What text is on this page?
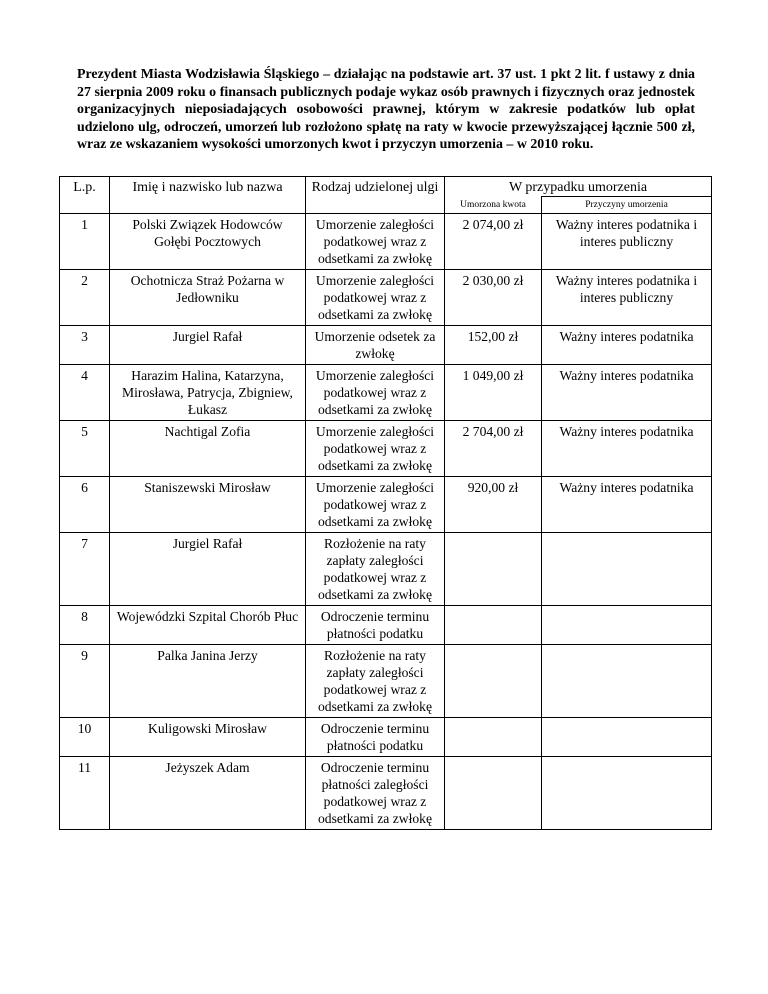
Prezydent Miasta Wodzisławia Śląskiego – działając na podstawie art. 37 ust. 1 pkt 2 lit. f ustawy z dnia 27 sierpnia 2009 roku o finansach publicznych podaje wykaz osób prawnych i fizycznych oraz jednostek organizacyjnych nieposiadających osobowości prawnej, którym w zakresie podatków lub opłat udzielono ulg, odroczeń, umorzeń lub rozłożono spłatę na raty w kwocie przewyższającej łącznie 500 zł, wraz ze wskazaniem wysokości umorzonych kwot i przyczyn umorzenia – w 2010 roku.

L.p.	Imię i nazwisko lub nazwa	Rodzaj udzielonej ulgi	W przypadku umorzenia	
			Umorzona kwota	Przyczyny umorzenia
1	Polski Związek Hodowców Gołębi Pocztowych	Umorzenie zaległości podatkowej wraz z odsetkami za zwłokę	2 074,00 zł	Ważny interes podatnika i interes publiczny
2	Ochotnicza Straż Pożarna w Jedłowniku	Umorzenie zaległości podatkowej wraz z odsetkami za zwłokę	2 030,00 zł	Ważny interes podatnika i interes publiczny
3	Jurgiel Rafał	Umorzenie odsetek za zwłokę	152,00 zł	Ważny interes podatnika
4	Harazim Halina, Katarzyna, Mirosława, Patrycja, Zbigniew, Łukasz	Umorzenie zaległości podatkowej wraz z odsetkami za zwłokę	1 049,00 zł	Ważny interes podatnika
5	Nachtigal Zofia	Umorzenie zaległości podatkowej wraz z odsetkami za zwłokę	2 704,00 zł	Ważny interes podatnika
6	Staniszewski Mirosław	Umorzenie zaległości podatkowej wraz z odsetkami za zwłokę	920,00 zł	Ważny interes podatnika
7	Jurgiel Rafał	Rozłożenie na raty zapłaty zaległości podatkowej wraz z odsetkami za zwłokę		
8	Wojewódzki Szpital Chorób Płuc	Odroczenie terminu płatności podatku		
9	Palka Janina Jerzy	Rozłożenie na raty zapłaty zaległości podatkowej wraz z odsetkami za zwłokę		
10	Kuligowski Mirosław	Odroczenie terminu płatności podatku		
11	Jeżyszek Adam	Odroczenie terminu płatności zaległości podatkowej wraz z odsetkami za zwłokę		
